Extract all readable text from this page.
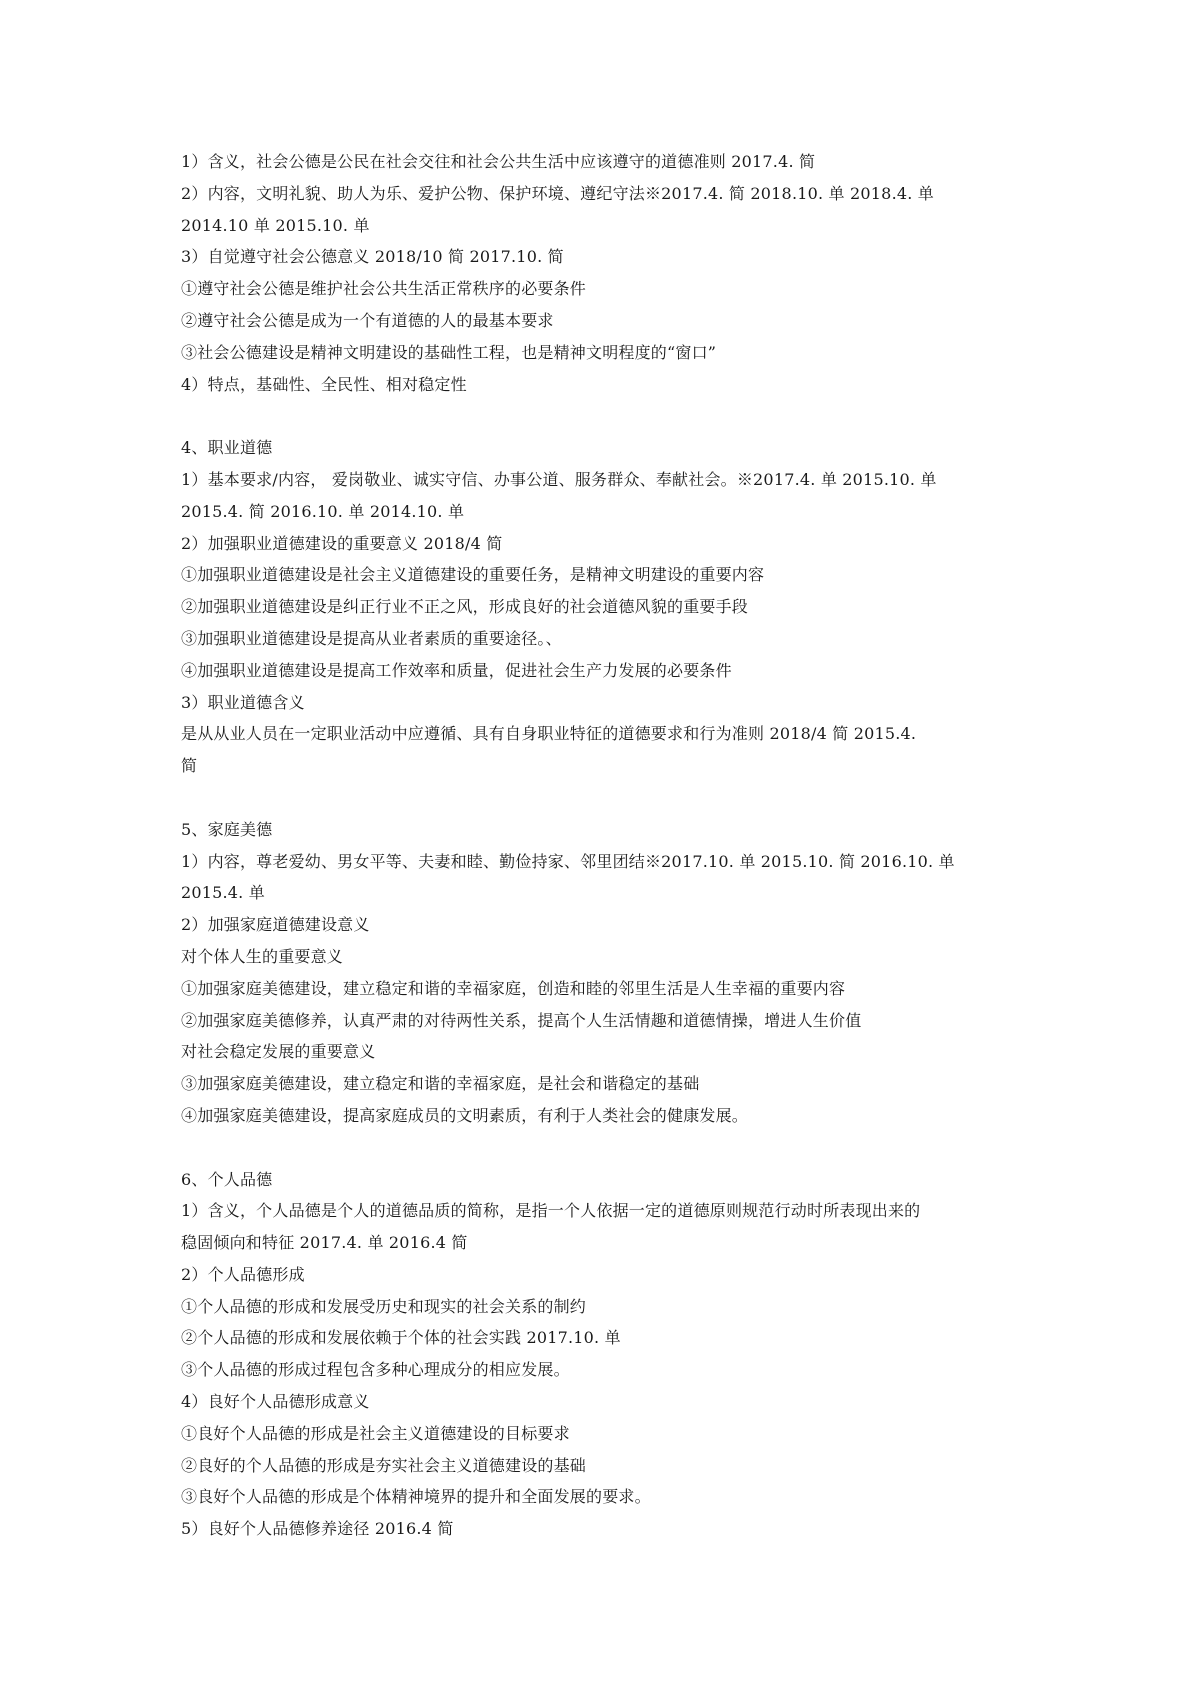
1）含义，社会公德是公民在社会交往和社会公共生活中应该遵守的道德准则 2017.4. 简
2）内容，文明礼貌、助人为乐、爱护公物、保护环境、遵纪守法※2017.4. 简 2018.10. 单 2018.4. 单
2014.10 单 2015.10. 单
3）自觉遵守社会公德意义 2018/10 简 2017.10. 简
①遵守社会公德是维护社会公共生活正常秩序的必要条件
②遵守社会公德是成为一个有道德的人的最基本要求
③社会公德建设是精神文明建设的基础性工程，也是精神文明程度的“窗口”
4）特点，基础性、全民性、相对稳定性
4、职业道德
1）基本要求/内容， 爱岗敬业、诚实守信、办事公道、服务群众、奉献社会。※2017.4. 单 2015.10. 单
2015.4. 简 2016.10. 单 2014.10. 单
2）加强职业道德建设的重要意义 2018/4 简
①加强职业道德建设是社会主义道德建设的重要任务，是精神文明建设的重要内容
②加强职业道德建设是纠正行业不正之风，形成良好的社会道德风貌的重要手段
③加强职业道德建设是提高从业者素质的重要途径。、
④加强职业道德建设是提高工作效率和质量，促进社会生产力发展的必要条件
3）职业道德含义
是从从业人员在一定职业活动中应遵循、具有自身职业特征的道德要求和行为准则 2018/4 简 2015.4.
简
5、家庭美德
1）内容，尊老爱幼、男女平等、夫妻和睦、勤俭持家、邻里团结※2017.10. 单 2015.10. 简 2016.10. 单
2015.4. 单
2）加强家庭道德建设意义
对个体人生的重要意义
①加强家庭美德建设，建立稳定和谐的幸福家庭，创造和睦的邻里生活是人生幸福的重要内容
②加强家庭美德修养，认真严肃的对待两性关系，提高个人生活情趣和道德情操，增进人生价值
对社会稳定发展的重要意义
③加强家庭美德建设，建立稳定和谐的幸福家庭，是社会和谐稳定的基础
④加强家庭美德建设，提高家庭成员的文明素质，有利于人类社会的健康发展。
6、个人品德
1）含义，个人品德是个人的道德品质的简称，是指一个人依据一定的道德原则规范行动时所表现出来的
稳固倾向和特征 2017.4. 单 2016.4 简
2）个人品德形成
①个人品德的形成和发展受历史和现实的社会关系的制约
②个人品德的形成和发展依赖于个体的社会实践 2017.10. 单
③个人品德的形成过程包含多种心理成分的相应发展。
4）良好个人品德形成意义
①良好个人品德的形成是社会主义道德建设的目标要求
②良好的个人品德的形成是夯实社会主义道德建设的基础
③良好个人品德的形成是个体精神境界的提升和全面发展的要求。
5）良好个人品德修养途径 2016.4 简
